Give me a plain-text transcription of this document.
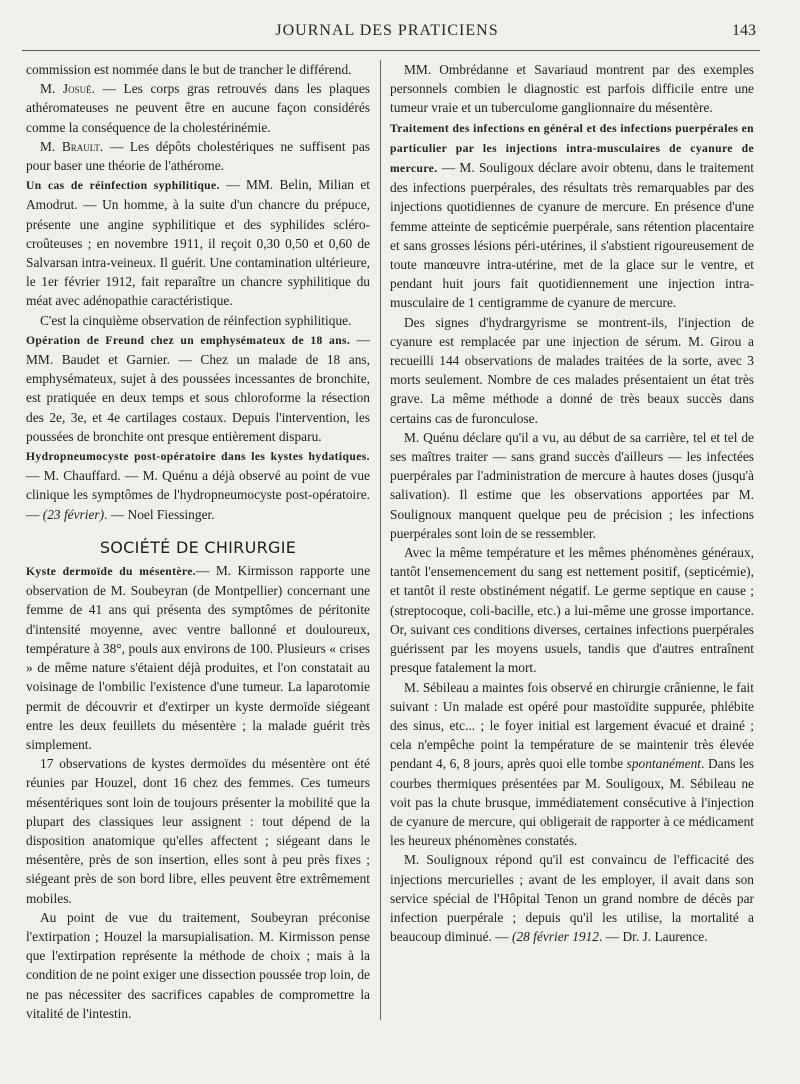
JOURNAL DES PRATICIENS	143

commission est nommée dans le but de trancher le différend.

M. Josué. — Les corps gras retrouvés dans les plaques athéromateuses ne peuvent être en aucune façon considérés comme la conséquence de la cholestérinémie.

M. Brault. — Les dépôts cholestériques ne suffisent pas pour baser une théorie de l'athérome.

Un cas de réinfection syphilitique. — MM. Belin, Milian et Amodrut. — Un homme, à la suite d'un chancre du prépuce, présente une angine syphilitique et des syphilides scléro-croûteuses ; en novembre 1911, il reçoit 0,30 0,50 et 0,60 de Salvarsan intra-veineux. Il guérit. Une contamination ultérieure, le 1er février 1912, fait reparaître un chancre syphilitique du méat avec adénopathie caractéristique.

C'est la cinquième observation de réinfection syphilitique.

Opération de Freund chez un emphysémateux de 18 ans. — MM. Baudet et Garnier. — Chez un malade de 18 ans, emphysémateux, sujet à des poussées incessantes de bronchite, est pratiquée en deux temps et sous chloroforme la résection des 2e, 3e, et 4e cartilages costaux. Depuis l'intervention, les poussées de bronchite ont presque entièrement disparu.

Hydropneumocyste post-opératoire dans les kystes hydatiques. — M. Chauffard. — M. Quénu a déjà observé au point de vue clinique les symptômes de l'hydropneumocyste post-opératoire. — (23 février). — Noel Fiessinger.

SOCIÉTÉ DE CHIRURGIE

Kyste dermoïde du mésentère.— M. Kirmisson rapporte une observation de M. Soubeyran (de Montpellier) concernant une femme de 41 ans qui présenta des symptômes de péritonite d'intensité moyenne, avec ventre ballonné et douloureux, température à 38°, pouls aux environs de 100. Plusieurs « crises » de même nature s'étaient déjà produites, et l'on constatait au voisinage de l'ombilic l'existence d'une tumeur. La laparotomie permit de découvrir et d'extirper un kyste dermoïde siégeant entre les deux feuillets du mésentère ; la malade guérit très simplement.

17 observations de kystes dermoïdes du mésentère ont été réunies par Houzel, dont 16 chez des femmes. Ces tumeurs mésentériques sont loin de toujours présenter la mobilité que la plupart des classiques leur assignent : tout dépend de la disposition anatomique qu'elles affectent ; siégeant dans le mésentère, près de son insertion, elles sont à peu près fixes ; siégeant près de son bord libre, elles peuvent être extrêmement mobiles.

Au point de vue du traitement, Soubeyran préconise l'extirpation ; Houzel la marsupialisation. M. Kirmisson pense que l'extirpation représente la méthode de choix ; mais à la condition de ne point exiger une dissection poussée trop loin, de ne pas nécessiter des sacrifices capables de compromettre la vitalité de l'intestin.

MM. Ombrédanne et Savariaud montrent par des exemples personnels combien le diagnostic est parfois difficile entre une tumeur vraie et un tuberculome ganglionnaire du mésentère.

Traitement des infections en général et des infections puerpérales en particulier par les injections intra-musculaires de cyanure de mercure. — M. Souligoux déclare avoir obtenu, dans le traitement des infections puerpérales, des résultats très remarquables par des injections quotidiennes de cyanure de mercure. En présence d'une femme atteinte de septicémie puerpérale, sans rétention placentaire et sans grosses lésions péri-utérines, il s'abstient rigoureusement de toute manœuvre intra-utérine, met de la glace sur le ventre, et pendant huit jours fait quotidiennement une injection intra-musculaire de 1 centigramme de cyanure de mercure.

Des signes d'hydrargyrisme se montrent-ils, l'injection de cyanure est remplacée par une injection de sérum. M. Girou a recueilli 144 observations de malades traitées de la sorte, avec 3 morts seulement. Nombre de ces malades présentaient un état très grave. La même méthode a donné de très beaux succès dans certains cas de furonculose.

M. Quénu déclare qu'il a vu, au début de sa carrière, tel et tel de ses maîtres traiter — sans grand succès d'ailleurs — les infectées puerpérales par l'administration de mercure à hautes doses (jusqu'à salivation). Il estime que les observations apportées par M. Soulignoux manquent quelque peu de précision ; les infections puerpérales sont loin de se ressembler.

Avec la même température et les mêmes phénomènes généraux, tantôt l'ensemencement du sang est nettement positif, (septicémie), et tantôt il reste obstinément négatif. Le germe septique en cause ; (streptocoque, coli-bacille, etc.) a lui-même une grosse importance. Or, suivant ces conditions diverses, certaines infections puerpérales guérissent par les moyens usuels, tandis que d'autres entraînent presque fatalement la mort.

M. Sébileau a maintes fois observé en chirurgie crânienne, le fait suivant : Un malade est opéré pour mastoïdite suppurée, phlébite des sinus, etc... ; le foyer initial est largement évacué et drainé ; cela n'empêche point la température de se maintenir très élevée pendant 4, 6, 8 jours, après quoi elle tombe spontanément. Dans les courbes thermiques présentées par M. Souligoux, M. Sébileau ne voit pas la chute brusque, immédiatement consécutive à l'injection de cyanure de mercure, qui obligerait de rapporter à ce médicament les heureux phénomènes constatés.

M. Soulignoux répond qu'il est convaincu de l'efficacité des injections mercurielles ; avant de les employer, il avait dans son service spécial de l'Hôpital Tenon un grand nombre de décès par infection puerpérale ; depuis qu'il les utilise, la mortalité a beaucoup diminué. — (28 février 1912. — Dr. J. Laurence.
